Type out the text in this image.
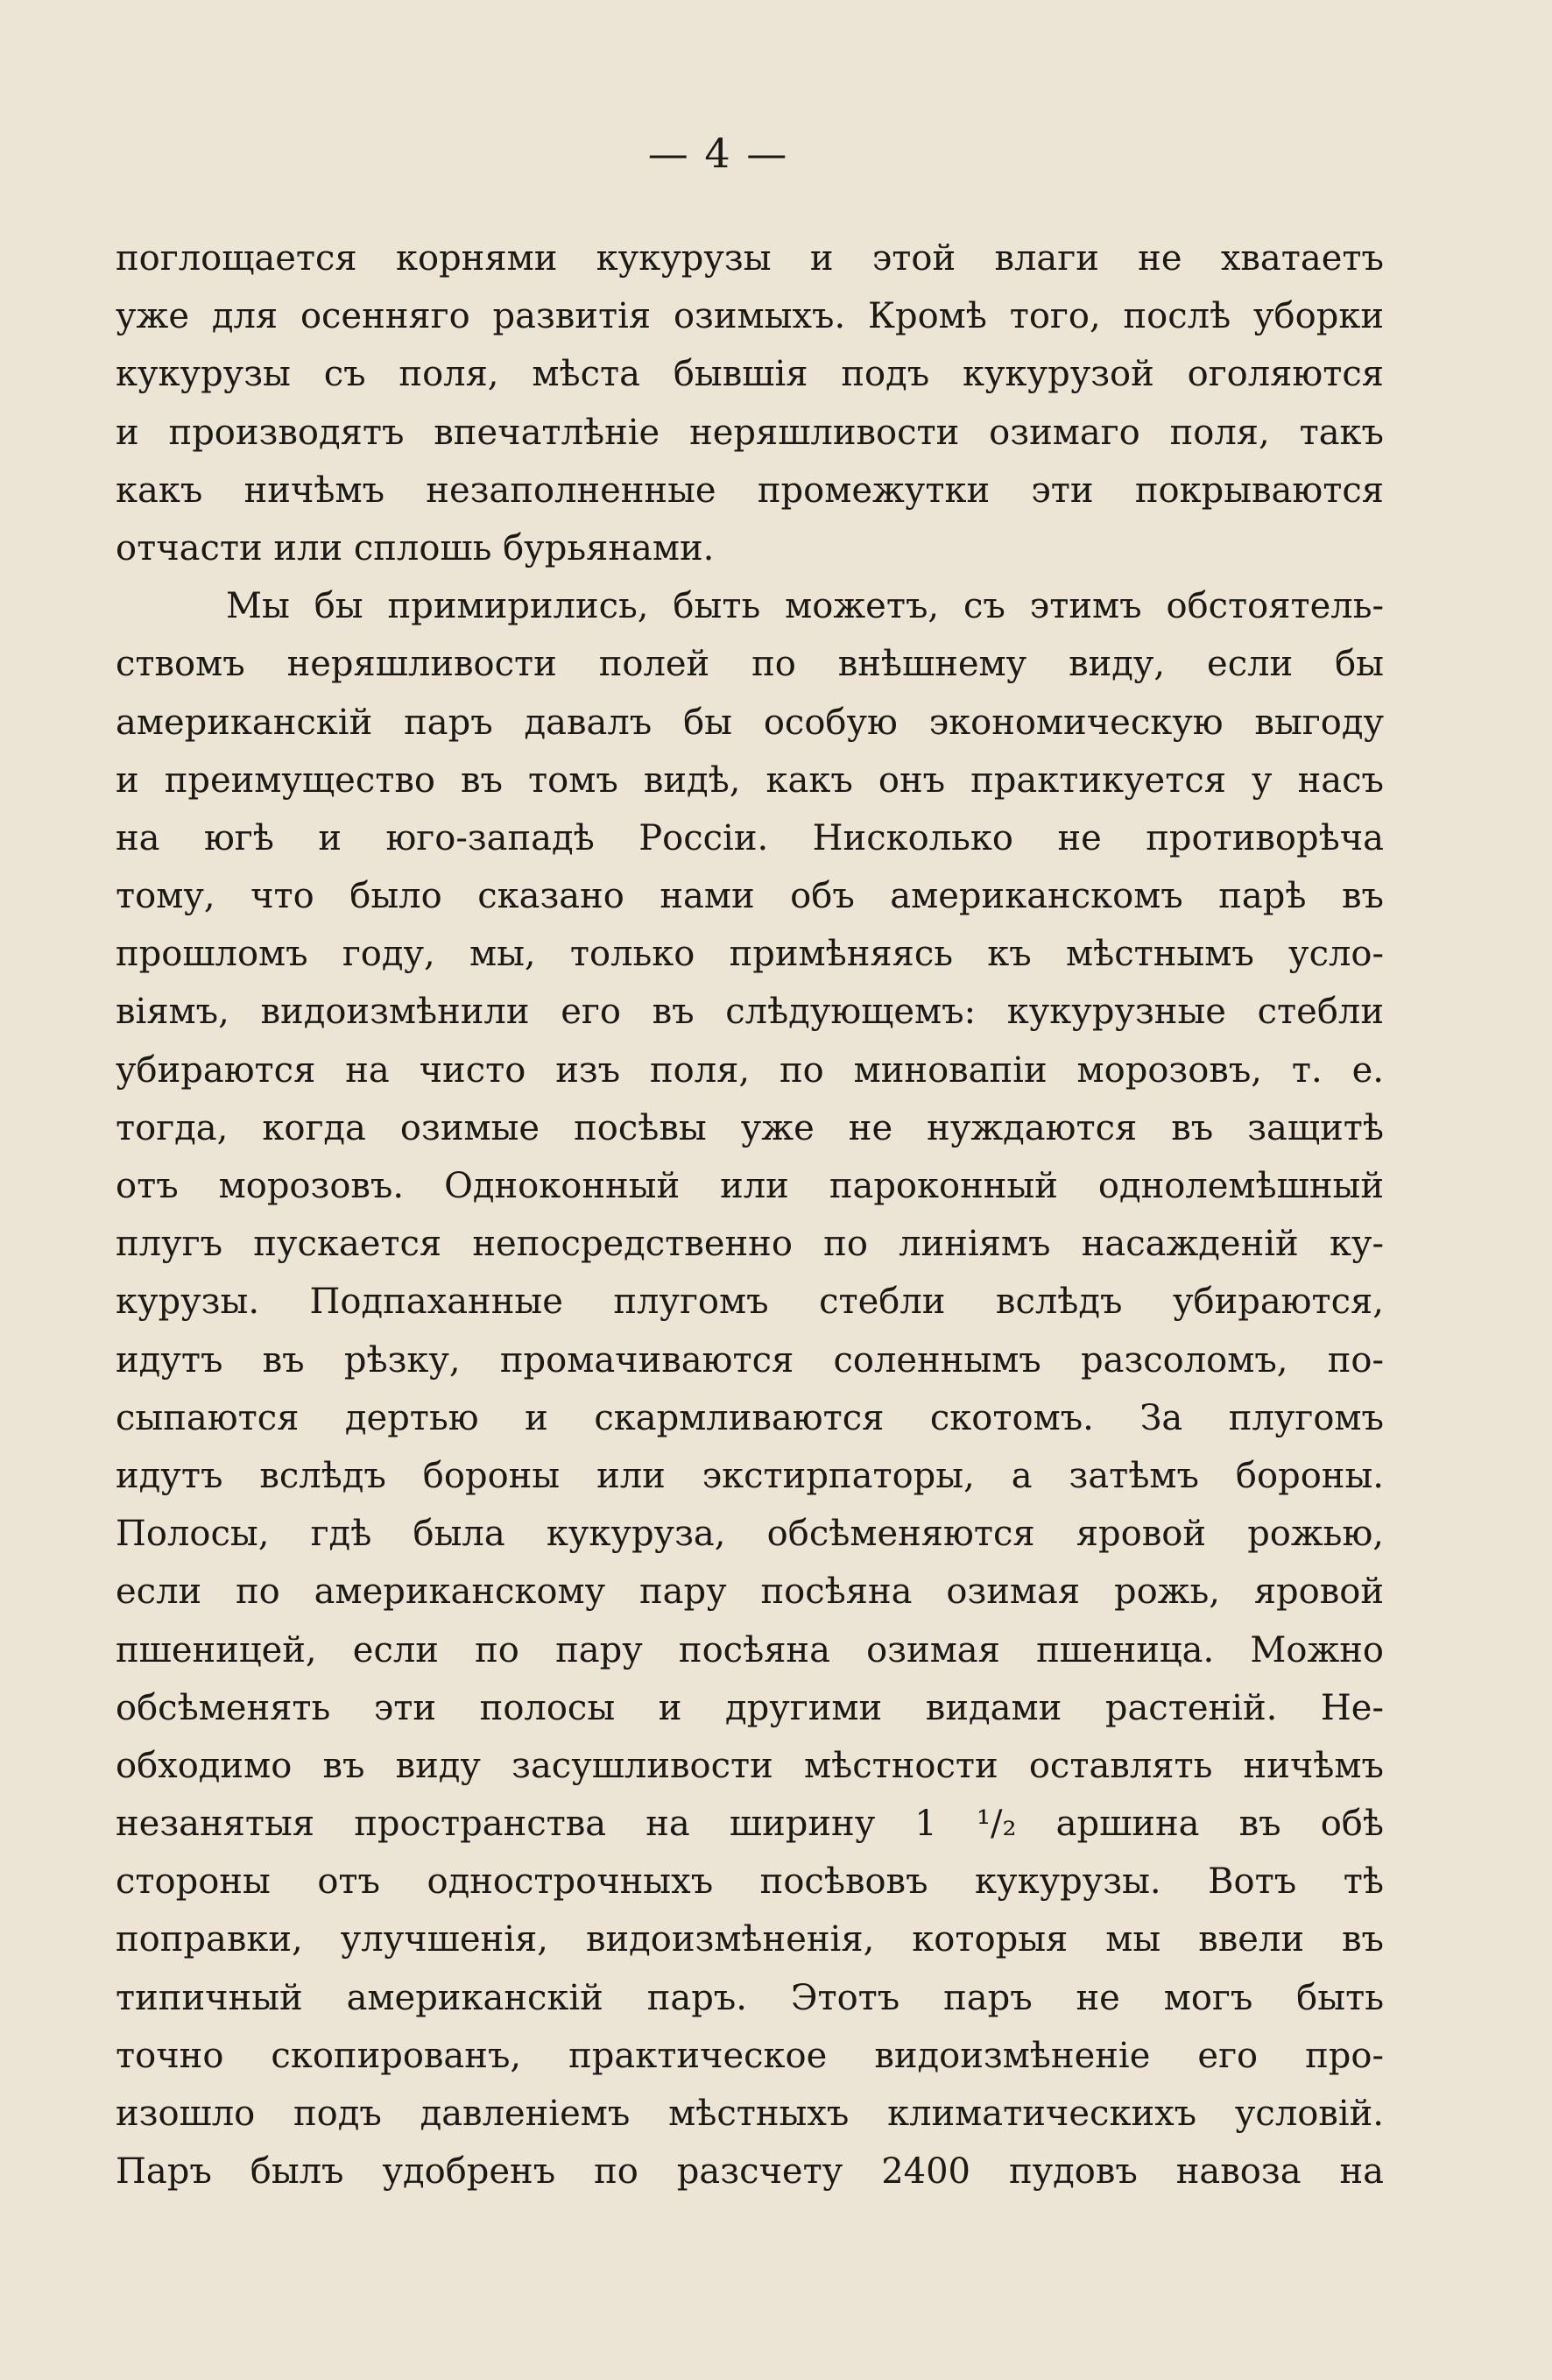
— 4 —
поглощается корнями кукурузы и этой влаги не хватаетъ
уже для осенняго развитія озимыхъ. Кромѣ того, послѣ уборки
кукурузы съ поля, мѣста бывшія подъ кукурузой оголяются
и производятъ впечатлѣніе неряшливости озимаго поля, такъ
какъ ничѣмъ незаполненные промежутки эти покрываются
отчасти или сплошь бурьянами.
Мы бы примирились, быть можетъ, съ этимъ обстоятель-
ствомъ неряшливости полей по внѣшнему виду, если бы
американскій паръ давалъ бы особую экономическую выгоду
и преимущество въ томъ видѣ, какъ онъ практикуется у насъ
на югѣ и юго-западѣ Россіи. Нисколько не противорѣча
тому, что было сказано нами объ американскомъ парѣ въ
прошломъ году, мы, только примѣняясь къ мѣстнымъ усло-
віямъ, видоизмѣнили его въ слѣдующемъ: кукурузные стебли
убираются на чисто изъ поля, по миновапіи морозовъ, т. е.
тогда, когда озимые посѣвы уже не нуждаются въ защитѣ
отъ морозовъ. Одноконный или пароконный однолемѣшный
плугъ пускается непосредственно по линіямъ насажденій ку-
курузы. Подпаханные плугомъ стебли вслѣдъ убираются,
идутъ въ рѣзку, промачиваются соленнымъ разсоломъ, по-
сыпаются дертью и скармливаются скотомъ. За плугомъ
идутъ вслѣдъ бороны или экстирпаторы, а затѣмъ бороны.
Полосы, гдѣ была кукуруза, обсѣменяются яровой рожью,
если по американскому пару посѣяна озимая рожь, яровой
пшеницей, если по пару посѣяна озимая пшеница. Можно
обсѣменять эти полосы и другими видами растеній. Не-
обходимо въ виду засушливости мѣстности оставлять ничѣмъ
незанятыя пространства на ширину 1 ¹/₂ аршина въ обѣ
стороны отъ однострочныхъ посѣвовъ кукурузы. Вотъ тѣ
поправки, улучшенія, видоизмѣненія, которыя мы ввели въ
типичный американскій паръ. Этотъ паръ не могъ быть
точно скопированъ, практическое видоизмѣненіе его про-
изошло подъ давленіемъ мѣстныхъ климатическихъ условій.
Паръ былъ удобренъ по разсчету 2400 пудовъ навоза на
